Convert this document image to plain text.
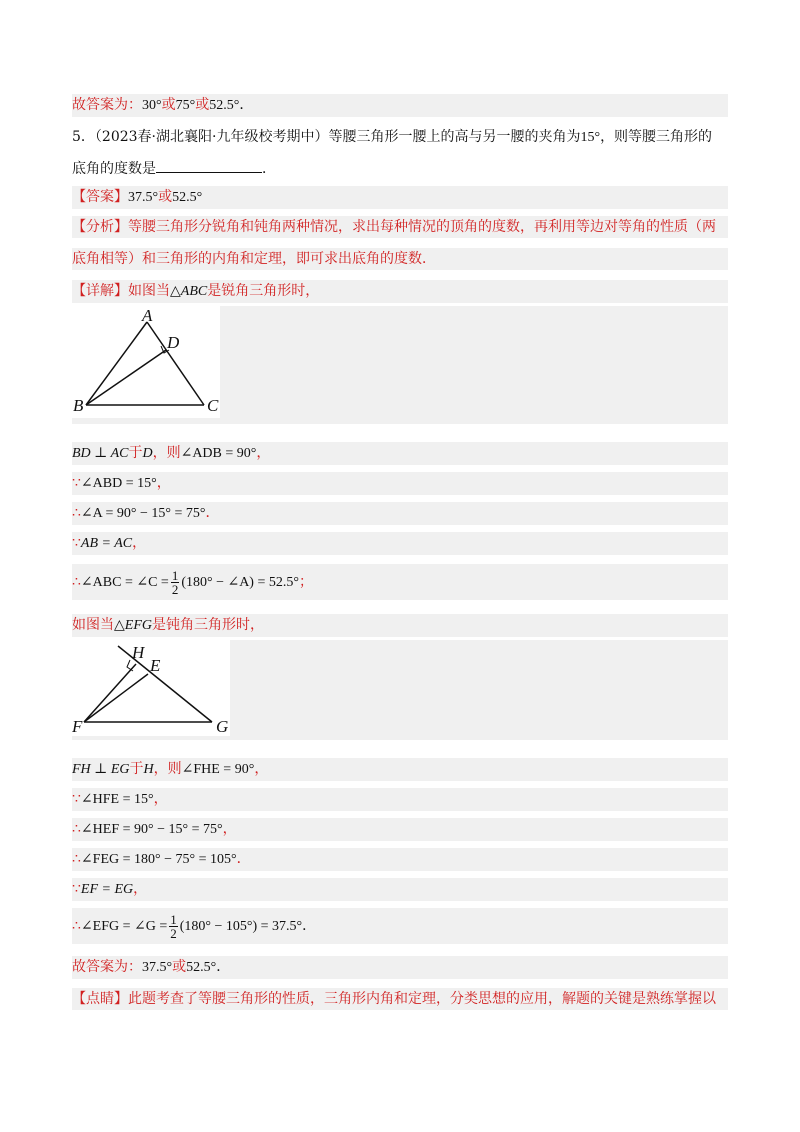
故答案为：30°或75°或52.5°．
5．（2023春·湖北襄阳·九年级校考期中）等腰三角形一腰上的高与另一腰的夹角为15°，则等腰三角形的
底角的度数是	．
【答案】37.5°或52.5°
【分析】等腰三角形分锐角和钝角两种情况，求出每种情况的顶角的度数，再利用等边对等角的性质（两
底角相等）和三角形的内角和定理，即可求出底角的度数．
【详解】如图当△ABC是锐角三角形时，
A
D
B	C
BD ⊥ AC于D，则∠ADB = 90°，
∵∠ABD = 15°，
∴∠A = 90° − 15° = 75°．
∵AB = AC，
∴∠ABC = ∠C = $\frac{1}{2} (180^\circ$ − ∠A) = 52.5°；
如图当△EFG是钝角三角形时，
H
E
F	G
FH ⊥ EG于H，则∠FHE = 90°，
∵∠HFE = 15°，
∴∠HEF = 90° − 15° = 75°，
∴∠FEG = 180° − 75° = 105°．
∵EF = EG，
∴∠EFG = ∠G = $\frac{1}{2} (180^\circ - 105^\circ) = 37.5^\circ$．
故答案为：37.5°或52.5°．
【点睛】此题考查了等腰三角形的性质，三角形内角和定理，分类思想的应用，解题的关键是熟练掌握以
